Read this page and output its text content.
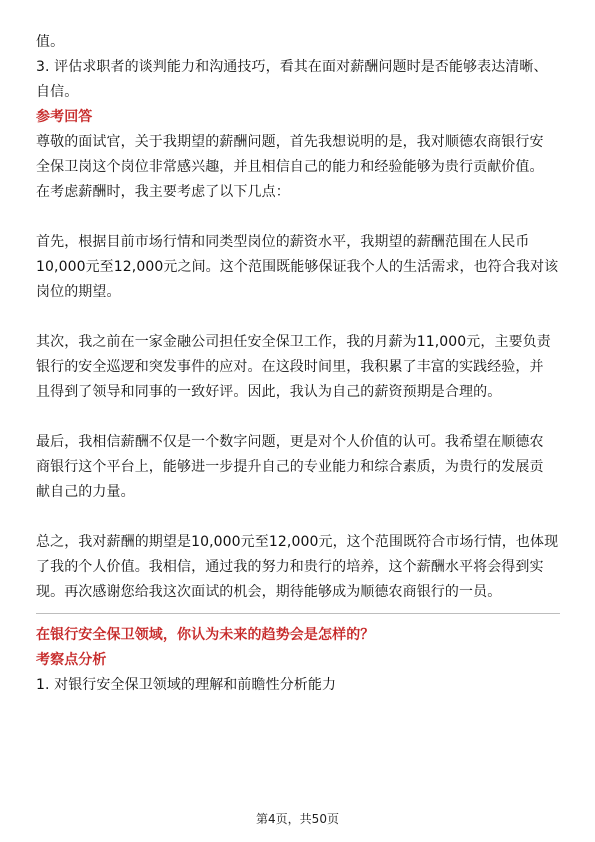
值。
3. 评估求职者的谈判能力和沟通技巧，看其在面对薪酬问题时是否能够表达清晰、
自信。
参考回答
尊敬的面试官，关于我期望的薪酬问题，首先我想说明的是，我对顺德农商银行安
全保卫岗这个岗位非常感兴趣，并且相信自己的能力和经验能够为贵行贡献价值。
在考虑薪酬时，我主要考虑了以下几点：
首先，根据目前市场行情和同类型岗位的薪资水平，我期望的薪酬范围在人民币
10,000元至12,000元之间。这个范围既能够保证我个人的生活需求，也符合我对该
岗位的期望。
其次，我之前在一家金融公司担任安全保卫工作，我的月薪为11,000元，主要负责
银行的安全巡逻和突发事件的应对。在这段时间里，我积累了丰富的实践经验，并
且得到了领导和同事的一致好评。因此，我认为自己的薪资预期是合理的。
最后，我相信薪酬不仅是一个数字问题，更是对个人价值的认可。我希望在顺德农
商银行这个平台上，能够进一步提升自己的专业能力和综合素质，为贵行的发展贡
献自己的力量。
总之，我对薪酬的期望是10,000元至12,000元，这个范围既符合市场行情，也体现
了我的个人价值。我相信，通过我的努力和贵行的培养，这个薪酬水平将会得到实
现。再次感谢您给我这次面试的机会，期待能够成为顺德农商银行的一员。
在银行安全保卫领域，你认为未来的趋势会是怎样的？
考察点分析
1. 对银行安全保卫领域的理解和前瞻性分析能力
第4页，共50页
